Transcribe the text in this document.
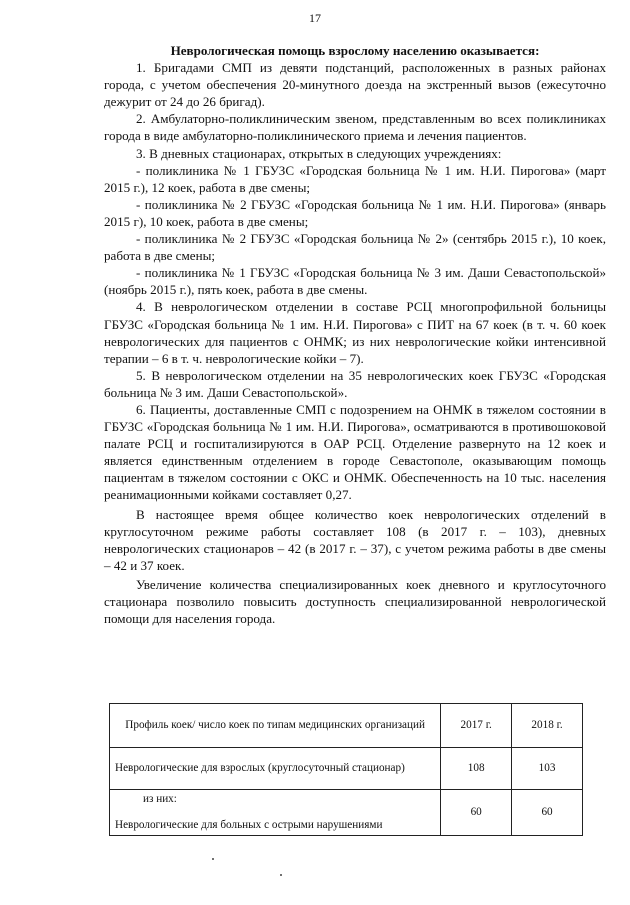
17
Неврологическая помощь взрослому населению оказывается:

1. Бригадами СМП из девяти подстанций, расположенных в разных районах города, с учетом обеспечения 20-минутного доезда на экстренный вызов (ежесуточно дежурит от 24 до 26 бригад).

2. Амбулаторно-поликлиническим звеном, представленным во всех поликлиниках города в виде амбулаторно-поликлинического приема и лечения пациентов.

3. В дневных стационарах, открытых в следующих учреждениях:

- поликлиника № 1 ГБУЗС «Городская больница № 1 им. Н.И. Пирогова» (март 2015 г.), 12 коек, работа в две смены;

- поликлиника № 2 ГБУЗС «Городская больница № 1 им. Н.И. Пирогова» (январь 2015 г), 10 коек, работа в две смены;

- поликлиника № 2 ГБУЗС «Городская больница № 2» (сентябрь 2015 г.), 10 коек, работа в две смены;

- поликлиника № 1 ГБУЗС «Городская больница № 3 им. Даши Севастопольской» (ноябрь 2015 г.), пять коек, работа в две смены.

4. В неврологическом отделении в составе РСЦ многопрофильной больницы ГБУЗС «Городская больница № 1 им. Н.И. Пирогова» с ПИТ на 67 коек (в т. ч. 60 коек неврологических для пациентов с ОНМК; из них неврологические койки интенсивной терапии – 6 в т. ч. неврологические койки – 7).

5. В неврологическом отделении на 35 неврологических коек ГБУЗС «Городская больница № 3 им. Даши Севастопольской».

6. Пациенты, доставленные СМП с подозрением на ОНМК в тяжелом состоянии в ГБУЗС «Городская больница № 1 им. Н.И. Пирогова», осматриваются в противошоковой палате РСЦ и госпитализируются в ОАР РСЦ. Отделение развернуто на 12 коек и является единственным отделением в городе Севастополе, оказывающим помощь пациентам в тяжелом состоянии с ОКС и ОНМК. Обеспеченность на 10 тыс. населения реанимационными койками составляет 0,27.

В настоящее время общее количество коек неврологических отделений в круглосуточном режиме работы составляет 108 (в 2017 г. – 103), дневных неврологических стационаров – 42 (в 2017 г. – 37), с учетом режима работы в две смены – 42 и 37 коек.

Увеличение количества специализированных коек дневного и круглосуточного стационара позволило повысить доступность специализированной неврологической помощи для населения города.

Профиль коек/ число коек по типам медицинских организаций	2017 г.	2018 г.
Неврологические для взрослых (круглосуточный стационар)	108	103

из них:
Неврологические для больных с острыми нарушениями	60	60
